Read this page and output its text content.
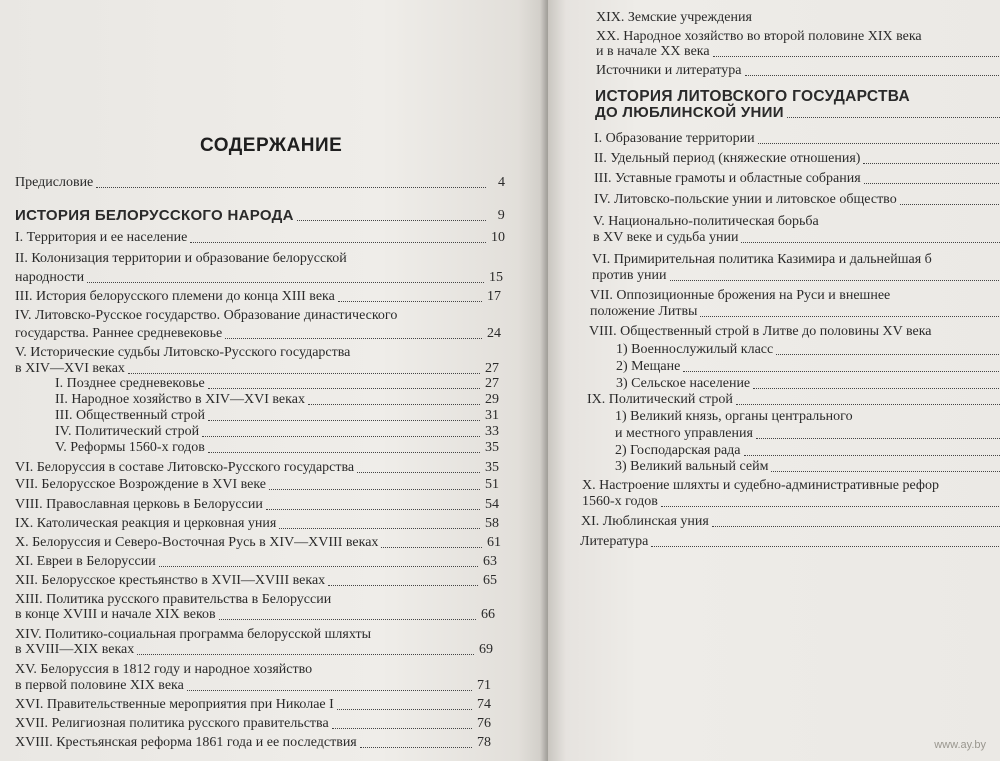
СОДЕРЖАНИЕ
Предисловие	4
ИСТОРИЯ БЕЛОРУССКОГО НАРОДА	9
I. Территория и ее население	10
II. Колонизация территории и образование белорусской
народности	15
III. История белорусского племени до конца XIII века	17
IV. Литовско-Русское государство. Образование династического
государства. Раннее средневековье	24
V. Исторические судьбы Литовско-Русского государства
в XIV—XVI веках	27
I. Позднее средневековье	27
II. Народное хозяйство в XIV—XVI веках	29
III. Общественный строй	31
IV. Политический строй	33
V. Реформы 1560-х годов	35
VI. Белоруссия в составе Литовско-Русского государства	35
VII. Белорусское Возрождение в XVI веке	51
VIII. Православная церковь в Белоруссии	54
IX. Католическая реакция и церковная уния	58
X. Белоруссия и Северо-Восточная Русь в XIV—XVIII веках	61
XI. Евреи в Белоруссии	63
XII. Белорусское крестьянство в XVII—XVIII веках	65
XIII. Политика русского правительства в Белоруссии
в конце XVIII и начале XIX веков	66
XIV. Политико-социальная программа белорусской шляхты
в XVIII—XIX веках	69
XV. Белоруссия в 1812 году и народное хозяйство
в первой половине XIX века	71
XVI. Правительственные мероприятия при Николае I	74
XVII. Религиозная политика русского правительства	76
XVIII. Крестьянская реформа 1861 года и ее последствия	78
XIX. Земские учреждения
XX. Народное хозяйство во второй половине XIX века
и в начале XX века
Источники и литература
ИСТОРИЯ ЛИТОВСКОГО ГОСУДАРСТВА
ДО ЛЮБЛИНСКОЙ УНИИ
I. Образование территории
II. Удельный период (княжеские отношения)
III. Уставные грамоты и областные собрания
IV. Литовско-польские унии и литовское общество
V. Национально-политическая борьба
в XV веке и судьба унии
VI. Примирительная политика Казимира и дальнейшая б
против унии
VII. Оппозиционные брожения на Руси и внешнее
положение Литвы
VIII. Общественный строй в Литве до половины XV века
1) Военнослужилый класс
2) Мещане
3) Сельское население
IX. Политический строй
1) Великий князь, органы центрального
и местного управления
2) Господарская рада
3) Великий вальный сейм
X. Настроение шляхты и судебно-административные рефор
1560-х годов
XI. Люблинская уния
Литература
www.ay.by
